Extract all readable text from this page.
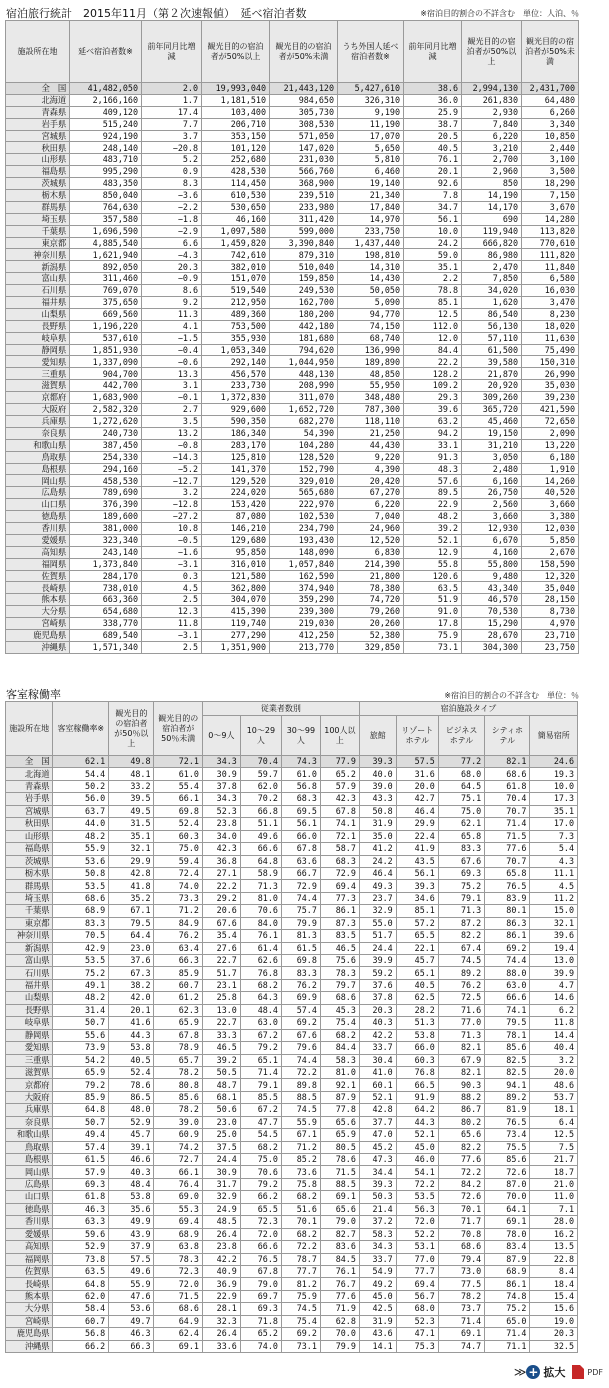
宿泊旅行統計　2015年11月（第２次速報値）　延べ宿泊者数	※宿泊目的割合の不詳含む　単位：人泊、％
施設所在地	延べ宿泊者数※	前年同月比増減	観光目的の宿泊者が50%以上	観光目的の宿泊者が50%未満	うち外国人延べ宿泊者数※	前年同月比増減	観光目的の宿泊者が50%以上	観光目的の宿泊者が50%未満
全　国	41,482,050	2.0	19,993,040	21,443,120	5,427,610	38.6	2,994,130	2,431,700
北海道	2,166,160	1.7	1,181,510	984,650	326,310	36.0	261,830	64,480
青森県	409,120	17.4	103,400	305,730	9,190	25.9	2,930	6,260
岩手県	515,240	7.7	206,710	308,530	11,190	38.7	7,840	3,340
宮城県	924,190	3.7	353,150	571,050	17,070	20.5	6,220	10,850
秋田県	248,140	−20.8	101,120	147,020	5,650	40.5	3,210	2,440
山形県	483,710	5.2	252,680	231,030	5,810	76.1	2,700	3,100
福島県	995,290	0.9	428,530	566,760	6,460	20.1	2,960	3,500
茨城県	483,350	8.3	114,450	368,900	19,140	92.6	850	18,290
栃木県	850,040	−3.6	610,530	239,510	21,340	7.8	14,190	7,150
群馬県	764,630	−2.2	530,650	233,980	17,840	34.7	14,170	3,670
埼玉県	357,580	−1.8	46,160	311,420	14,970	56.1	690	14,280
千葉県	1,696,590	−2.9	1,097,580	599,000	233,750	10.0	119,940	113,820
東京都	4,885,540	6.6	1,459,820	3,390,840	1,437,440	24.2	666,820	770,610
神奈川県	1,621,940	−4.3	742,610	879,310	198,810	59.0	86,980	111,820
新潟県	892,050	20.3	382,010	510,040	14,310	35.1	2,470	11,840
富山県	311,460	−0.9	151,070	159,850	14,430	2.2	7,850	6,580
石川県	769,070	8.6	519,540	249,530	50,050	78.8	34,020	16,030
福井県	375,650	9.2	212,950	162,700	5,090	85.1	1,620	3,470
山梨県	669,560	11.3	489,360	180,200	94,770	12.5	86,540	8,230
長野県	1,196,220	4.1	753,500	442,180	74,150	112.0	56,130	18,020
岐阜県	537,610	−1.5	355,930	181,680	68,740	12.0	57,110	11,630
静岡県	1,851,930	−0.4	1,053,340	794,620	136,990	84.4	61,500	75,490
愛知県	1,337,090	−0.6	292,140	1,044,950	189,890	22.2	39,580	150,310
三重県	904,700	13.3	456,570	448,130	48,850	128.2	21,870	26,990
滋賀県	442,700	3.1	233,730	208,990	55,950	109.2	20,920	35,030
京都府	1,683,900	−0.1	1,372,830	311,070	348,480	29.3	309,260	39,230
大阪府	2,582,320	2.7	929,600	1,652,720	787,300	39.6	365,720	421,590
兵庫県	1,272,620	3.5	590,350	682,270	118,110	63.2	45,460	72,650
奈良県	240,730	13.2	186,340	54,390	21,250	94.2	19,150	2,090
和歌山県	387,450	−0.8	283,170	104,280	44,430	33.1	31,210	13,220
鳥取県	254,330	−14.3	125,810	128,520	9,220	91.3	3,050	6,180
島根県	294,160	−5.2	141,370	152,790	4,390	48.3	2,480	1,910
岡山県	458,530	−12.7	129,520	329,010	20,420	57.6	6,160	14,260
広島県	789,690	3.2	224,020	565,680	67,270	89.5	26,750	40,520
山口県	376,390	−12.8	153,420	222,970	6,220	22.9	2,560	3,660
徳島県	189,600	−27.2	87,080	102,530	7,040	48.2	3,660	3,380
香川県	381,000	10.8	146,210	234,790	24,960	39.2	12,930	12,030
愛媛県	323,340	−0.5	129,680	193,430	12,520	52.1	6,670	5,850
高知県	243,140	−1.6	95,850	148,090	6,830	12.9	4,160	2,670
福岡県	1,373,840	−3.1	316,010	1,057,840	214,390	55.8	55,800	158,590
佐賀県	284,170	0.3	121,580	162,590	21,800	120.6	9,480	12,320
長崎県	738,010	4.5	362,800	374,940	78,380	63.5	43,340	35,040
熊本県	663,360	2.5	304,070	359,290	74,720	51.9	46,570	28,150
大分県	654,680	12.3	415,390	239,300	79,260	91.0	70,530	8,730
宮崎県	338,770	11.8	119,740	219,030	20,260	17.8	15,290	4,970
鹿児島県	689,540	−3.1	277,290	412,250	52,380	75.9	28,670	23,710
沖縄県	1,571,340	2.5	1,351,900	213,770	329,850	73.1	304,300	23,750
客室稼働率	※宿泊目的割合の不詳含む　単位：％
施設所在地	客室稼働率※	観光目的の宿泊者が50％以上	観光目的の宿泊者が50％未満	従業者数別				宿泊施設タイプ				
				0〜9人	10〜29人	30〜99人	100人以上	旅館	リゾートホテル	ビジネスホテル	シティホテル	簡易宿所
全　国	62.1	49.8	72.1	34.3	70.4	74.3	77.9	39.3	57.5	77.2	82.1	24.6
北海道	54.4	48.1	61.0	30.9	59.7	61.0	65.2	40.0	31.6	68.0	68.6	19.3
青森県	50.2	33.2	55.4	37.8	62.0	56.8	57.9	39.0	20.0	64.5	61.8	10.0
岩手県	56.0	39.5	66.1	34.3	70.2	68.3	42.3	43.3	42.7	75.1	70.4	17.3
宮城県	63.7	49.5	69.8	52.3	66.8	69.5	67.8	50.8	46.4	75.0	70.7	35.1
秋田県	44.0	31.5	52.4	23.8	51.1	56.1	74.1	31.9	29.9	62.1	71.4	17.0
山形県	48.2	35.1	60.3	34.0	49.6	66.0	72.1	35.0	22.4	65.8	71.5	7.3
福島県	55.9	32.1	75.0	42.3	66.6	67.8	58.7	41.2	41.9	83.3	77.6	5.4
茨城県	53.6	29.9	59.4	36.8	64.8	63.6	68.3	24.2	43.5	67.6	70.7	4.3
栃木県	50.8	42.8	72.4	27.1	58.9	66.7	72.9	46.4	56.1	69.3	65.8	11.1
群馬県	53.5	41.8	74.0	22.2	71.3	72.9	69.4	49.3	39.3	75.2	76.5	4.5
埼玉県	68.6	35.2	73.3	29.2	81.0	74.4	77.3	23.7	34.6	79.1	83.9	11.2
千葉県	68.9	67.1	71.2	20.6	70.6	75.7	86.1	32.9	85.1	71.3	80.1	15.0
東京都	83.3	79.5	84.9	67.6	84.0	79.9	87.3	55.0	57.2	87.2	86.3	32.1
神奈川県	70.5	64.4	76.2	35.4	76.1	81.3	83.5	51.7	65.5	82.2	86.1	39.6
新潟県	42.9	23.0	63.4	27.6	61.4	61.5	46.5	24.4	22.1	67.4	69.2	19.4
富山県	53.5	37.6	66.3	22.7	62.6	69.8	75.6	39.9	45.7	74.5	74.4	13.0
石川県	75.2	67.3	85.9	51.7	76.8	83.3	78.3	59.2	65.1	89.2	88.0	39.9
福井県	49.1	38.2	60.7	23.1	68.2	76.2	79.7	37.6	40.5	76.2	63.0	4.7
山梨県	48.2	42.0	61.2	25.8	64.3	69.9	68.6	37.8	62.5	72.5	66.6	14.6
長野県	31.4	20.1	62.3	13.0	48.4	57.4	45.3	20.3	28.2	71.6	74.1	6.2
岐阜県	50.7	41.6	65.9	22.7	63.0	69.2	75.4	40.3	51.3	77.0	79.5	11.8
静岡県	55.6	44.3	67.8	33.3	67.2	67.6	68.2	42.2	53.8	71.3	78.1	14.4
愛知県	73.9	53.8	78.9	46.5	79.2	79.6	84.4	33.7	66.0	82.1	85.6	40.4
三重県	54.2	40.5	65.7	39.2	65.1	74.4	58.3	30.4	60.3	67.9	82.5	3.2
滋賀県	65.9	52.4	78.2	50.5	71.4	72.2	81.0	41.0	76.8	82.1	82.5	20.0
京都府	79.2	78.6	80.8	48.7	79.1	89.8	92.1	60.1	66.5	90.3	94.1	48.6
大阪府	85.9	86.5	85.6	68.1	85.5	88.5	87.9	52.1	91.9	88.2	89.2	53.7
兵庫県	64.8	48.0	78.2	50.6	67.2	74.5	77.8	42.8	64.2	86.7	81.9	18.1
奈良県	50.7	52.9	39.0	23.0	47.7	55.9	65.6	37.7	44.3	80.2	76.5	6.4
和歌山県	49.4	45.7	60.9	25.0	54.5	67.1	65.9	47.0	52.1	65.6	73.4	12.5
鳥取県	57.4	39.1	74.2	37.5	68.2	71.2	80.5	45.2	45.0	82.2	75.5	7.5
島根県	61.5	46.6	72.7	24.4	75.0	85.2	78.6	47.3	46.0	77.6	85.6	21.7
岡山県	57.9	40.3	66.1	30.9	70.6	73.6	71.5	34.4	54.1	72.2	72.6	18.7
広島県	69.3	48.4	76.4	31.7	79.2	75.8	88.5	39.3	72.2	84.2	87.0	21.0
山口県	61.8	53.8	69.0	32.9	66.2	68.2	69.1	50.3	53.5	72.6	70.0	11.0
徳島県	46.3	35.6	55.3	24.9	65.5	51.6	65.6	21.4	56.3	70.1	64.1	7.1
香川県	63.3	49.9	69.4	48.5	72.3	70.1	79.0	37.2	72.0	71.7	69.1	28.0
愛媛県	59.6	43.9	68.9	26.4	72.0	68.2	82.7	58.3	52.2	70.8	78.0	16.2
高知県	52.9	37.9	63.8	23.8	66.6	72.2	83.6	34.3	53.1	68.6	83.4	13.5
福岡県	73.8	57.5	78.3	42.2	76.5	78.7	84.5	33.7	77.0	79.4	87.9	22.8
佐賀県	63.5	49.6	72.3	40.9	67.8	77.7	76.1	54.9	77.7	73.0	68.9	8.4
長崎県	64.8	55.9	72.0	36.9	79.0	81.2	76.7	49.2	69.4	77.5	86.1	18.4
熊本県	62.0	47.6	71.5	22.9	69.7	75.9	77.6	45.0	56.7	78.2	74.8	15.4
大分県	58.4	53.6	68.6	28.1	69.3	74.5	71.9	42.5	68.0	73.7	75.2	15.6
宮崎県	60.7	49.7	64.9	32.3	71.8	75.4	62.8	31.9	52.3	71.4	65.0	19.0
鹿児島県	56.8	46.3	62.4	26.4	65.2	69.2	70.0	43.6	47.1	69.1	71.4	20.3
沖縄県	66.2	66.3	69.1	33.6	74.0	73.1	79.9	14.1	75.3	74.7	71.1	32.5
≫ + 拡大	PDF
